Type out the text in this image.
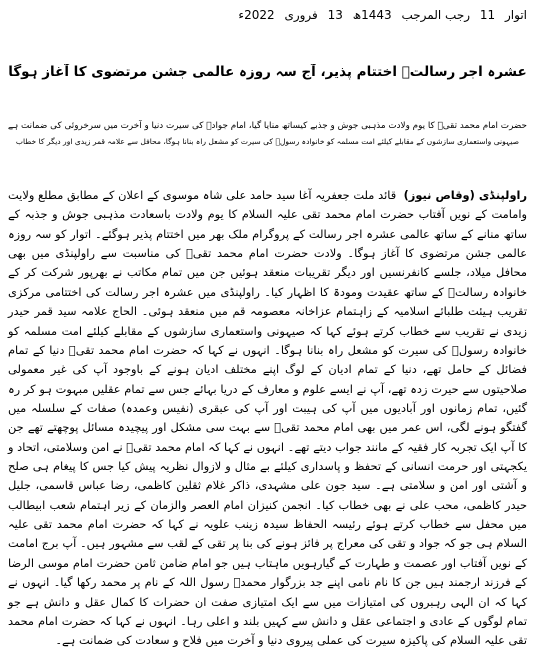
اتوار 11 رجب المرجب 1443ھ 13 فروری 2022ء
عشرہ اجر رسالتؐ اختتام پذیر، آج سہ روزہ عالمی جشن مرتضوی کا آغاز ہوگا
حضرت امام محمد تقیؑ کا یوم ولادت مذہبی جوش و جذبے کیساتھ منایا گیا، امام جوادؑ کی سیرت دنیا و آخرت میں سرخروئی کی ضمانت ہے
صیہونی واستعماری سازشوں کے مقابلے کیلئے امت مسلمہ کو خانوادہ رسولؐ کی سیرت کو مشعل راہ بنانا ہوگا، محافل سے علامہ قمر زیدی اور دیگر کا خطاب

راولپنڈی (وقاص نیوز)  قائد ملت جعفریہ آغا سید حامد علی شاہ موسوی کے اعلان کے مطابق مطلع ولایت وامامت کے نویں آفتاب حضرت امام محمد تقی علیہ السلام کا یوم ولادت باسعادت مذہبی جوش و جذبہ کے ساتھ منانے کے ساتھ عالمی عشرہ اجر رسالت کے پروگرام ملک بھر میں اختتام پذیر ہوگئے۔ اتوار کو سہ روزہ عالمی جشن مرتضوی کا آغاز ہوگا۔ ولادت حضرت امام محمد تقیؑ کی مناسبت سے راولپنڈی میں بھی محافل میلاد، جلسے کانفرنسیں اور دیگر تقریبات منعقد ہوئیں جن میں تمام مکاتب نے بھرپور شرکت کر کے خانوادہ رسالتؐ کے ساتھ عقیدت ومودۃ کا اظہار کیا۔ راولپنڈی میں عشرہ اجر رسالت کی اختتامی مرکزی تقریب ہیئت طلبائے اسلامیہ کے زاہتمام عزاخانہ معصومہ قم میں منعقد ہوئی۔ الحاج علامہ سید قمر حیدر زیدی نے تقریب سے خطاب کرتے ہوئے کہا کہ صیہونی واستعماری سازشوں کے مقابلے کیلئے امت مسلمہ کو خانوادہ رسولؐ کی سیرت کو مشعل راہ بنانا ہوگا۔ انہوں نے کہا کہ حضرت امام محمد تقیؑ دنیا کے تمام فضائل کے حامل تھے، دنیا کے تمام ادیان کے لوگ اپنے مختلف ادیان ہونے کے باوجود آپ کی غیر معمولی صلاحیتوں سے حیرت زدہ تھے، آپ نے ایسے علوم و معارف کے دریا بہائے جس سے تمام عقلیں مبہوت ہو کر رہ گئیں، تمام زمانوں اور آبادیوں میں آپ کی ہیبت اور آپ کی عبقری (نفیس وعمدہ) صفات کے سلسلہ میں گفتگو ہونے لگی، اس عمر میں بھی امام محمد تقیؑ سے بہت سی مشکل اور پیچیدہ مسائل پوچھتے تھے جن کا آپ ایک تجربہ کار فقیہ کے مانند جواب دیتے تھے۔ انہوں نے کہا کہ امام محمد تقیؑ نے امن وسلامتی، اتحاد و یکجہتی اور حرمت انسانی کے تحفظ و پاسداری کیلئے بے مثال و لازوال نظریہ پیش کیا جس کا پیغام ہی صلح و آشتی اور امن و سلامتی ہے۔ سید جون علی مشہدی، ذاکر غلام ثقلین کاظمی، رضا عباس قاسمی، جلیل حیدر کاظمی، محب علی نے بھی خطاب کیا۔ انجمن کنیزان امام العصر والزمان کے زیر اہتمام شعب ابیطالب میں محفل سے خطاب کرتے ہوئے رئیسہ الحفاظ سیدہ زینب علویہ نے کہا کہ حضرت امام محمد تقی علیہ السلام ہی جو کہ جواد و تقی کی معراج پر فائز ہونے کی بنا پر تقی کے لقب سے مشہور ہیں۔ آپ برج امامت کے نویں آفتاب اور عصمت و طہارت کے گیارہویں ماہتاب ہیں جو امام ضامن ثامن حضرت امام موسی الرضا کے فرزند ارجمند ہیں جن کا نام نامی اپنے جد بزرگوار محمدؐ رسول اللہ کے نام پر محمد رکھا گیا۔ انہوں نے کہا کہ ان الہی رہبروں کی امتیازات میں سے ایک امتیازی صفت ان حضرات کا کمال عقل و دانش ہے جو تمام لوگوں کے عادی و اجتماعی عقل و دانش سے کہیں بلند و اعلی رہا۔ انہوں نے کہا کہ حضرت امام محمد تقی علیہ السلام کی پاکیزہ سیرت کی عملی پیروی دنیا و آخرت میں فلاح و سعادت کی ضمانت ہے۔
